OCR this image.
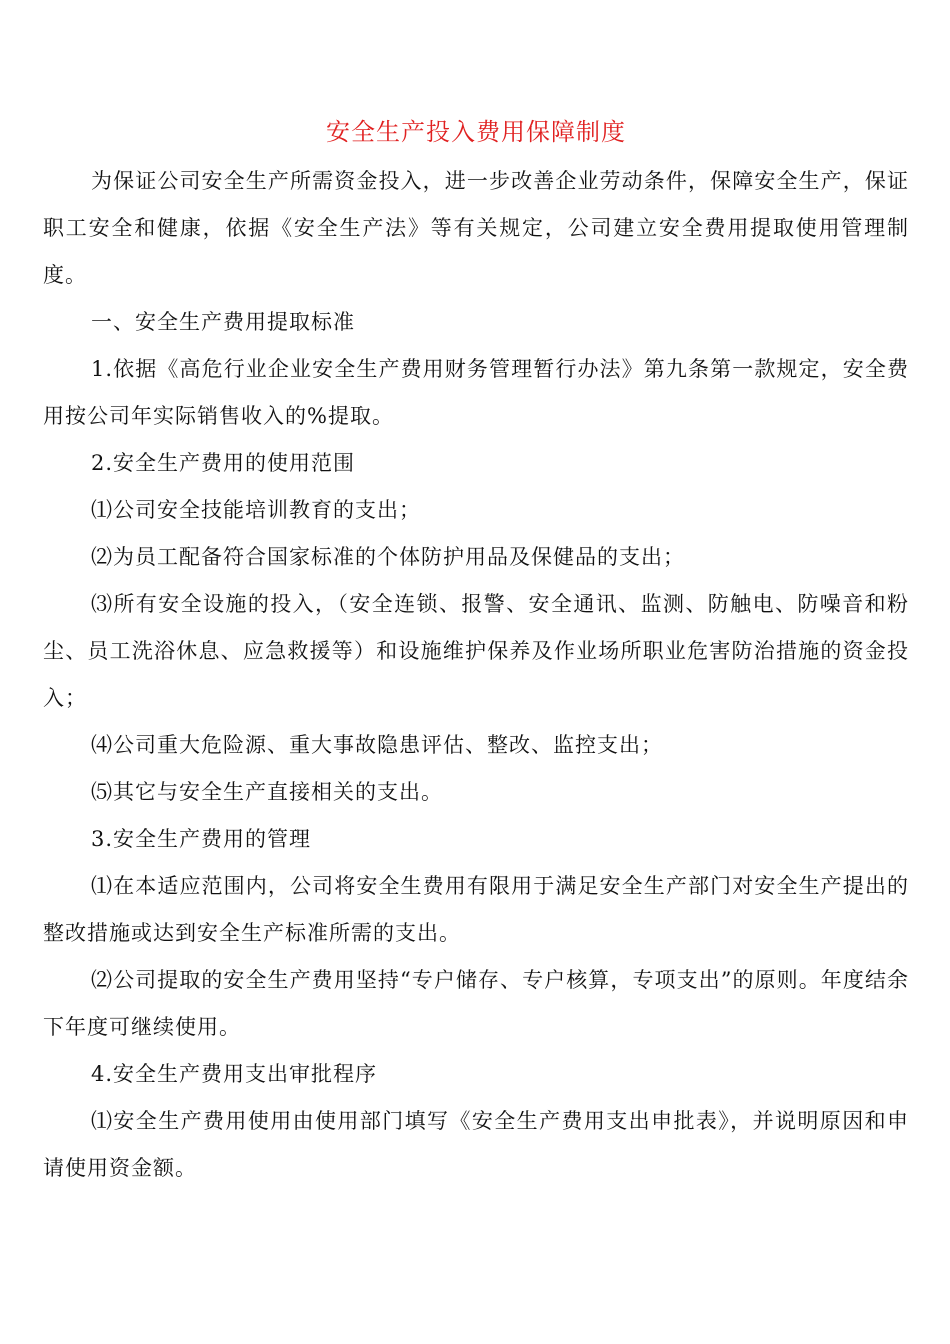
安全生产投入费用保障制度

为保证公司安全生产所需资金投入，进一步改善企业劳动条件，保障安全生产，保证职工安全和健康，依据《安全生产法》等有关规定，公司建立安全费用提取使用管理制度。

一、安全生产费用提取标准

1.依据《高危行业企业安全生产费用财务管理暂行办法》第九条第一款规定，安全费用按公司年实际销售收入的%提取。

2.安全生产费用的使用范围

⑴公司安全技能培训教育的支出；

⑵为员工配备符合国家标准的个体防护用品及保健品的支出；

⑶所有安全设施的投入，（安全连锁、报警、安全通讯、监测、防触电、防噪音和粉尘、员工洗浴休息、应急救援等）和设施维护保养及作业场所职业危害防治措施的资金投入；

⑷公司重大危险源、重大事故隐患评估、整改、监控支出；

⑸其它与安全生产直接相关的支出。

3.安全生产费用的管理

⑴在本适应范围内，公司将安全生费用有限用于满足安全生产部门对安全生产提出的整改措施或达到安全生产标准所需的支出。

⑵公司提取的安全生产费用坚持“专户储存、专户核算，专项支出”的原则。年度结余下年度可继续使用。

4.安全生产费用支出审批程序

⑴安全生产费用使用由使用部门填写《安全生产费用支出申批表》，并说明原因和申请使用资金额。
